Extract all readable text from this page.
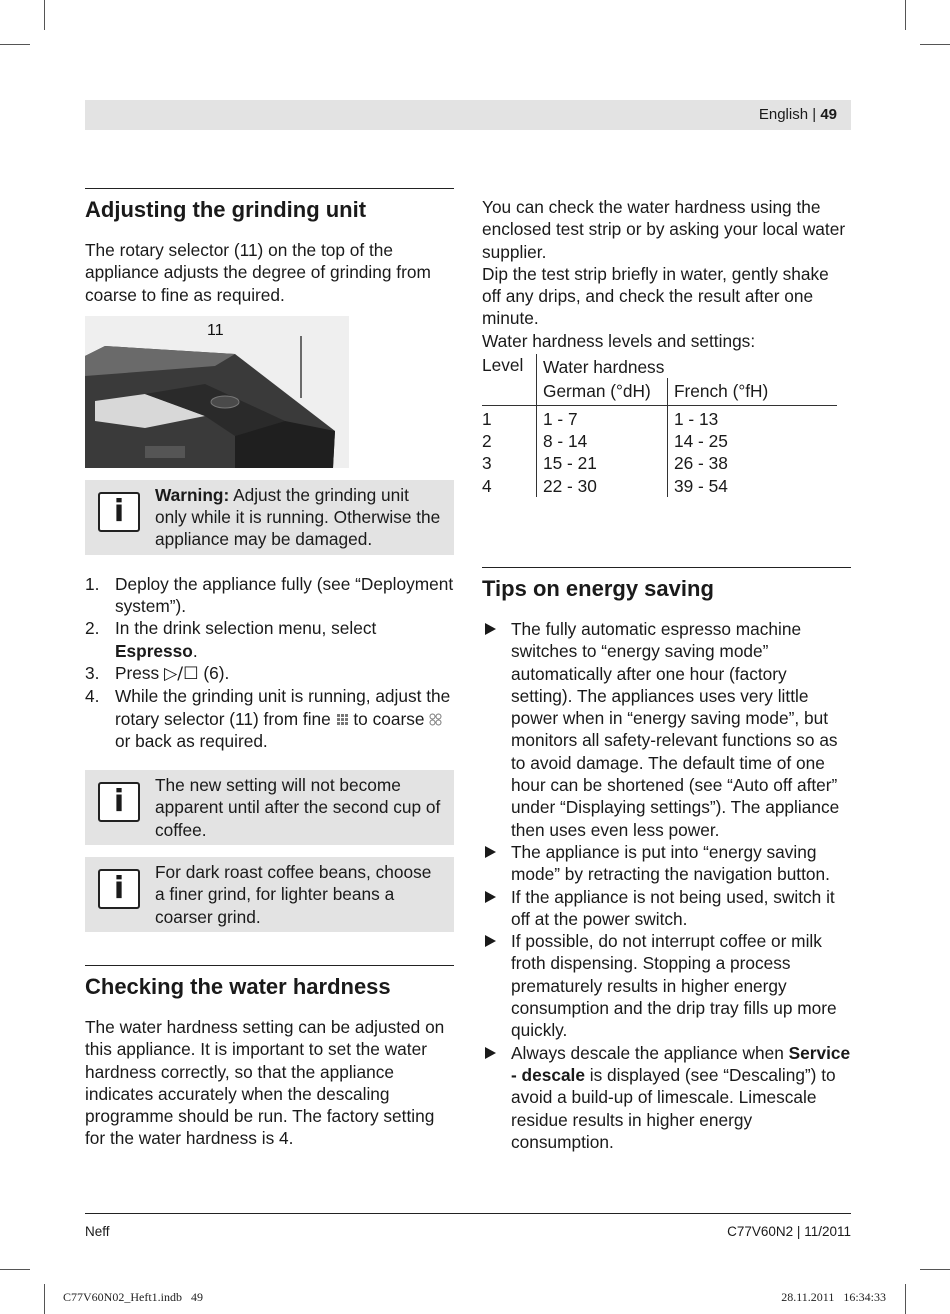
English | 49
Adjusting the grinding unit

The rotary selector (11) on the top of the appliance adjusts the degree of grinding from coarse to fine as required.

11
i	Warning: Adjust the grinding unit only while it is running. Otherwise the appliance may be damaged.

1. Deploy the appliance fully (see “Deployment system”).
2. In the drink selection menu, select Espresso.
3. Press ▷/☐ (6).
4. While the grinding unit is running, adjust the rotary selector (11) from fine  to coarse  or back as required.
i	The new setting will not become apparent until after the second cup of coffee.

i	For dark roast coffee beans, choose a finer grind, for lighter beans a coarser grind.

Checking the water hardness

The water hardness setting can be adjusted on this appliance. It is important to set the water hardness correctly, so that the appliance indicates accurately when the descaling programme should be run. The factory setting for the water hardness is 4.

You can check the water hardness using the enclosed test strip or by asking your local water supplier.

Dip the test strip briefly in water, gently shake off any drips, and check the result after one minute.

Water hardness levels and settings:

Level	Water hardness	
	German (°dH)	French (°fH)
1	1 - 7	1 - 13
2	8 - 14	14 - 25
3	15 - 21	26 - 38
4	22 - 30	39 - 54
Tips on energy saving
The fully automatic espresso machine switches to “energy saving mode” automatically after one hour (factory setting). The appliances uses very little power when in “energy saving mode”, but monitors all safety-relevant functions so as to avoid damage. The default time of one hour can be shortened (see “Auto off after” under “Displaying settings”). The appliance then uses even less power.
The appliance is put into “energy saving mode” by retracting the navigation button.
If the appliance is not being used, switch it off at the power switch.
If possible, do not interrupt coffee or milk froth dispensing. Stopping a process prematurely results in higher energy consumption and the drip tray fills up more quickly.
Always descale the appliance when Service - descale is displayed (see “Descaling”) to avoid a build-up of limescale. Limescale residue results in higher energy consumption.
Neff	C77V60N2 | 11/2011
C77V60N02_Heft1.indb   49	28.11.2011   16:34:33
